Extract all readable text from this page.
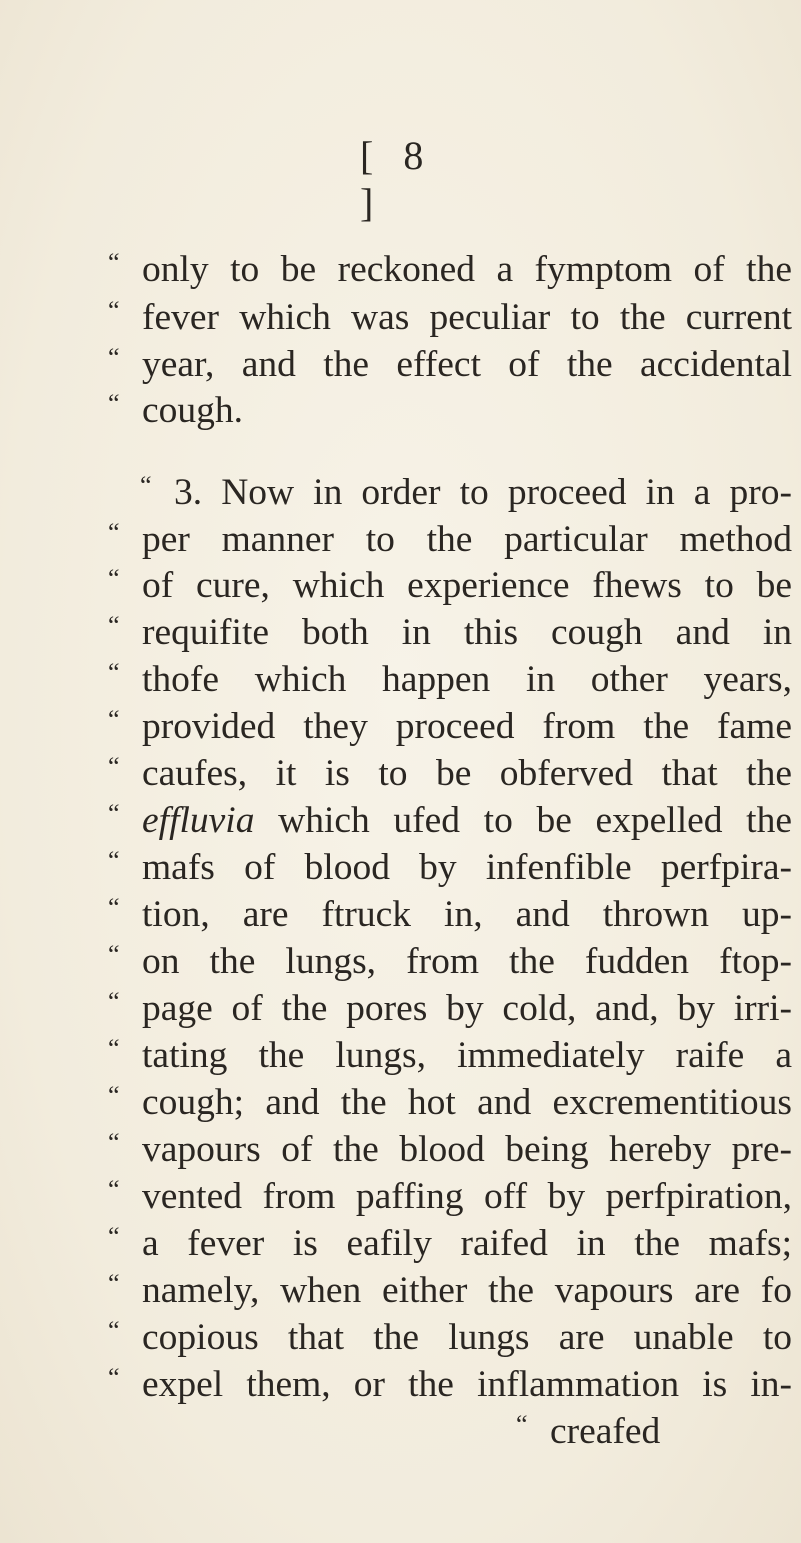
[ 8 ]
“ only to be reckoned a fymptom of the
“ fever which was peculiar to the current
“ year, and the effect of the accidental
“ cough.
“ 3. Now in order to proceed in a pro-
“ per manner to the particular method
“ of cure, which experience fhews to be
“ requifite both in this cough and in
“ thofe which happen in other years,
“ provided they proceed from the fame
“ caufes, it is to be obferved that the
“ effluvia which ufed to be expelled the
“ mafs of blood by infenfible perfpira-
“ tion, are ftruck in, and thrown up-
“ on the lungs, from the fudden ftop-
“ page of the pores by cold, and, by irri-
“ tating the lungs, immediately raife a
“ cough; and the hot and excrementitious
“ vapours of the blood being hereby pre-
“ vented from paffing off by perfpiration,
“ a fever is eafily raifed in the mafs;
“ namely, when either the vapours are fo
“ copious that the lungs are unable to
“ expel them, or the inflammation is in-
“ creafed
